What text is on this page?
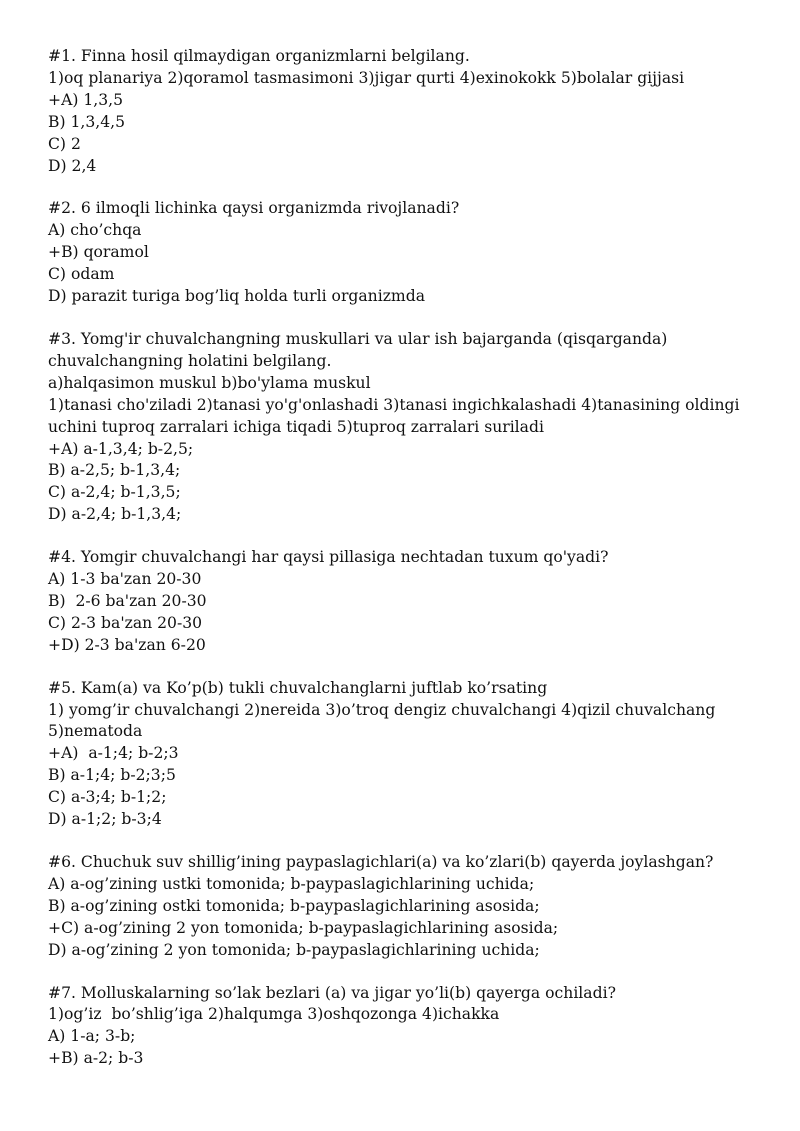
#1. Finna hosil qilmaydigan organizmlarni belgilang.
1)oq planariya 2)qoramol tasmasimoni 3)jigar qurti 4)exinokokk 5)bolalar gijjasi
+A) 1,3,5
B) 1,3,4,5
C) 2
D) 2,4
#2. 6 ilmoqli lichinka qaysi organizmda rivojlanadi?
A) cho’chqa
+B) qoramol
C) odam
D) parazit turiga bog’liq holda turli organizmda
#3. Yomg'ir chuvalchangning muskullari va ular ish bajarganda (qisqarganda)
chuvalchangning holatini belgilang.
a)halqasimon muskul b)bo'ylama muskul
1)tanasi cho'ziladi 2)tanasi yo'g'onlashadi 3)tanasi ingichkalashadi 4)tanasining oldingi
uchini tuproq zarralari ichiga tiqadi 5)tuproq zarralari suriladi
+A) a-1,3,4; b-2,5;
B) a-2,5; b-1,3,4;
C) a-2,4; b-1,3,5;
D) a-2,4; b-1,3,4;
#4. Yomgir chuvalchangi har qaysi pillasiga nechtadan tuxum qo'yadi?
A) 1-3 ba'zan 20-30
B)  2-6 ba'zan 20-30
C) 2-3 ba'zan 20-30
+D) 2-3 ba'zan 6-20
#5. Kam(a) va Ko’p(b) tukli chuvalchanglarni juftlab ko’rsating
1) yomg’ir chuvalchangi 2)nereida 3)o’troq dengiz chuvalchangi 4)qizil chuvalchang
5)nematoda
+A)  a-1;4; b-2;3
B) a-1;4; b-2;3;5
C) a-3;4; b-1;2;
D) a-1;2; b-3;4
#6. Chuchuk suv shillig’ining paypaslagichlari(a) va ko’zlari(b) qayerda joylashgan?
A) a-og’zining ustki tomonida; b-paypaslagichlarining uchida;
B) a-og’zining ostki tomonida; b-paypaslagichlarining asosida;
+C) a-og’zining 2 yon tomonida; b-paypaslagichlarining asosida;
D) a-og’zining 2 yon tomonida; b-paypaslagichlarining uchida;
#7. Molluskalarning so’lak bezlari (a) va jigar yo’li(b) qayerga ochiladi?
1)og’iz  bo’shlig’iga 2)halqumga 3)oshqozonga 4)ichakka
A) 1-a; 3-b;
+B) a-2; b-3
